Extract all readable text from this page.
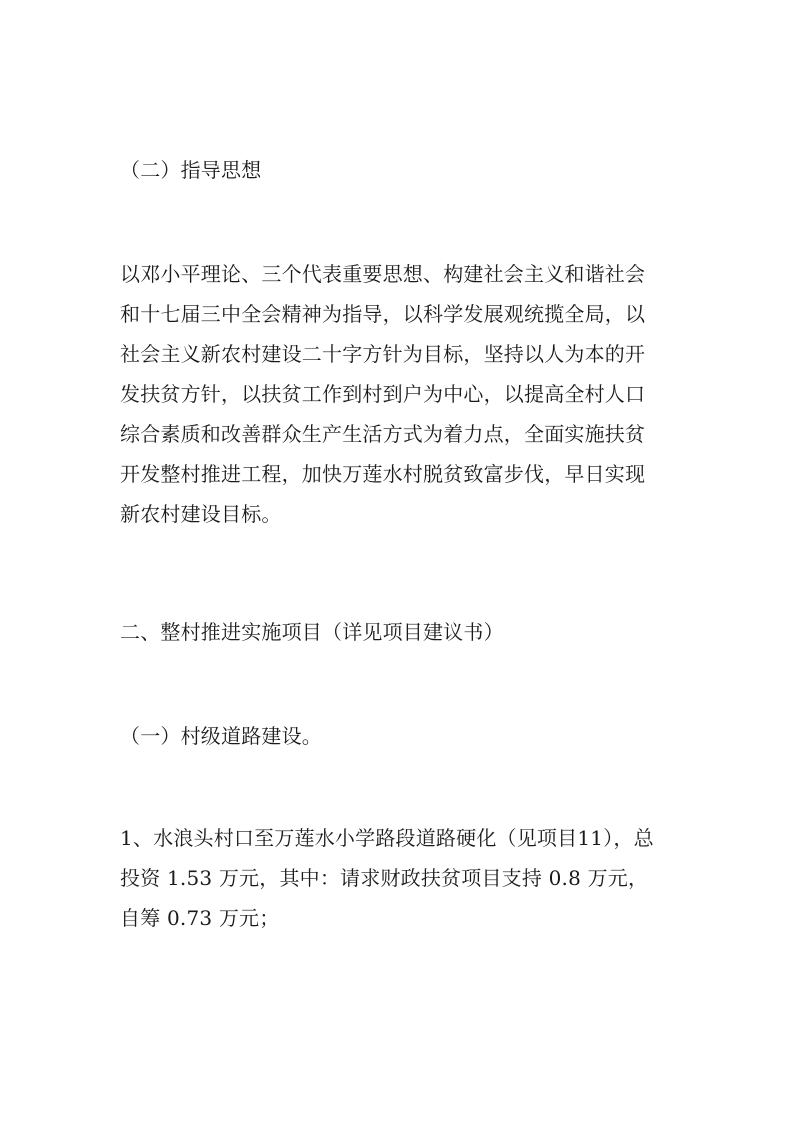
（二）指导思想

以邓小平理论、三个代表重要思想、构建社会主义和谐社会
和十七届三中全会精神为指导，以科学发展观统揽全局，以
社会主义新农村建设二十字方针为目标，坚持以人为本的开
发扶贫方针，以扶贫工作到村到户为中心，以提高全村人口
综合素质和改善群众生产生活方式为着力点，全面实施扶贫
开发整村推进工程，加快万莲水村脱贫致富步伐，早日实现
新农村建设目标。

二、整村推进实施项目（详见项目建议书）

（一）村级道路建设。

1、水浪头村口至万莲水小学路段道路硬化（见项目11），总
投资 1.53 万元，其中：请求财政扶贫项目支持 0.8 万元，
自筹 0.73 万元；
